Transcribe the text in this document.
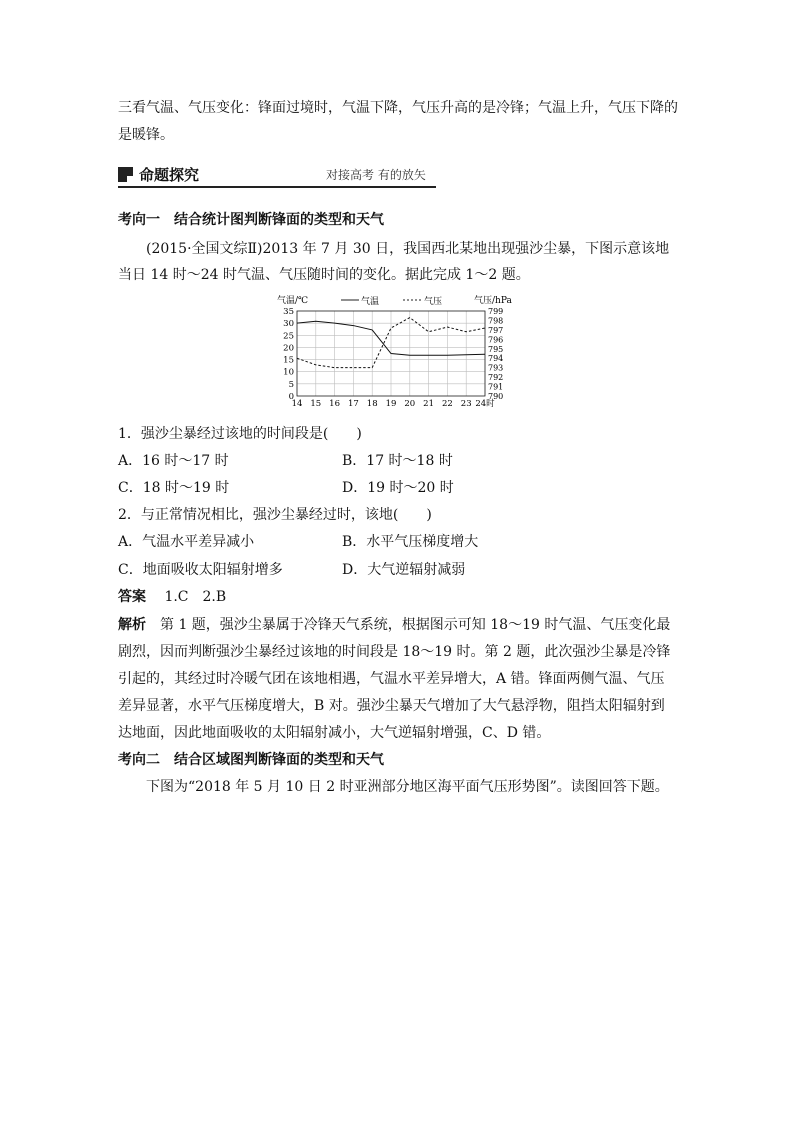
三看气温、气压变化：锋面过境时，气温下降，气压升高的是冷锋；气温上升，气压下降的是暖锋。

命题探究	对接高考 有的放矢
考向一　结合统计图判断锋面的类型和天气

(2015·全国文综Ⅱ)2013 年 7 月 30 日，我国西北某地出现强沙尘暴，下图示意该地当日 14 时～24 时气温、气压随时间的变化。据此完成 1～2 题。

0
5
10
15
20
25
30
35
790
791
792
793
794
795
796
797
798
799
14 15 16 17 18 19 20 21 22 23 24时
气温/℃	气压/hPa
气温	气压
1．强沙尘暴经过该地的时间段是(　　)
A．16 时～17 时	B．17 时～18 时
C．18 时～19 时	D．19 时～20 时
2．与正常情况相比，强沙尘暴经过时，该地(　　)
A．气温水平差异减小	B．水平气压梯度增大
C．地面吸收太阳辐射增多	D．大气逆辐射减弱
答案 1.C　2.B

解析 第 1 题，强沙尘暴属于冷锋天气系统，根据图示可知 18～19 时气温、气压变化最剧烈，因而判断强沙尘暴经过该地的时间段是 18～19 时。第 2 题，此次强沙尘暴是冷锋引起的，其经过时冷暖气团在该地相遇，气温水平差异增大，A 错。锋面两侧气温、气压差异显著，水平气压梯度增大，B 对。强沙尘暴天气增加了大气悬浮物，阻挡太阳辐射到达地面，因此地面吸收的太阳辐射减小，大气逆辐射增强，C、D 错。

考向二　结合区域图判断锋面的类型和天气
下图为“2018 年 5 月 10 日 2 时亚洲部分地区海平面气压形势图”。读图回答下题。
